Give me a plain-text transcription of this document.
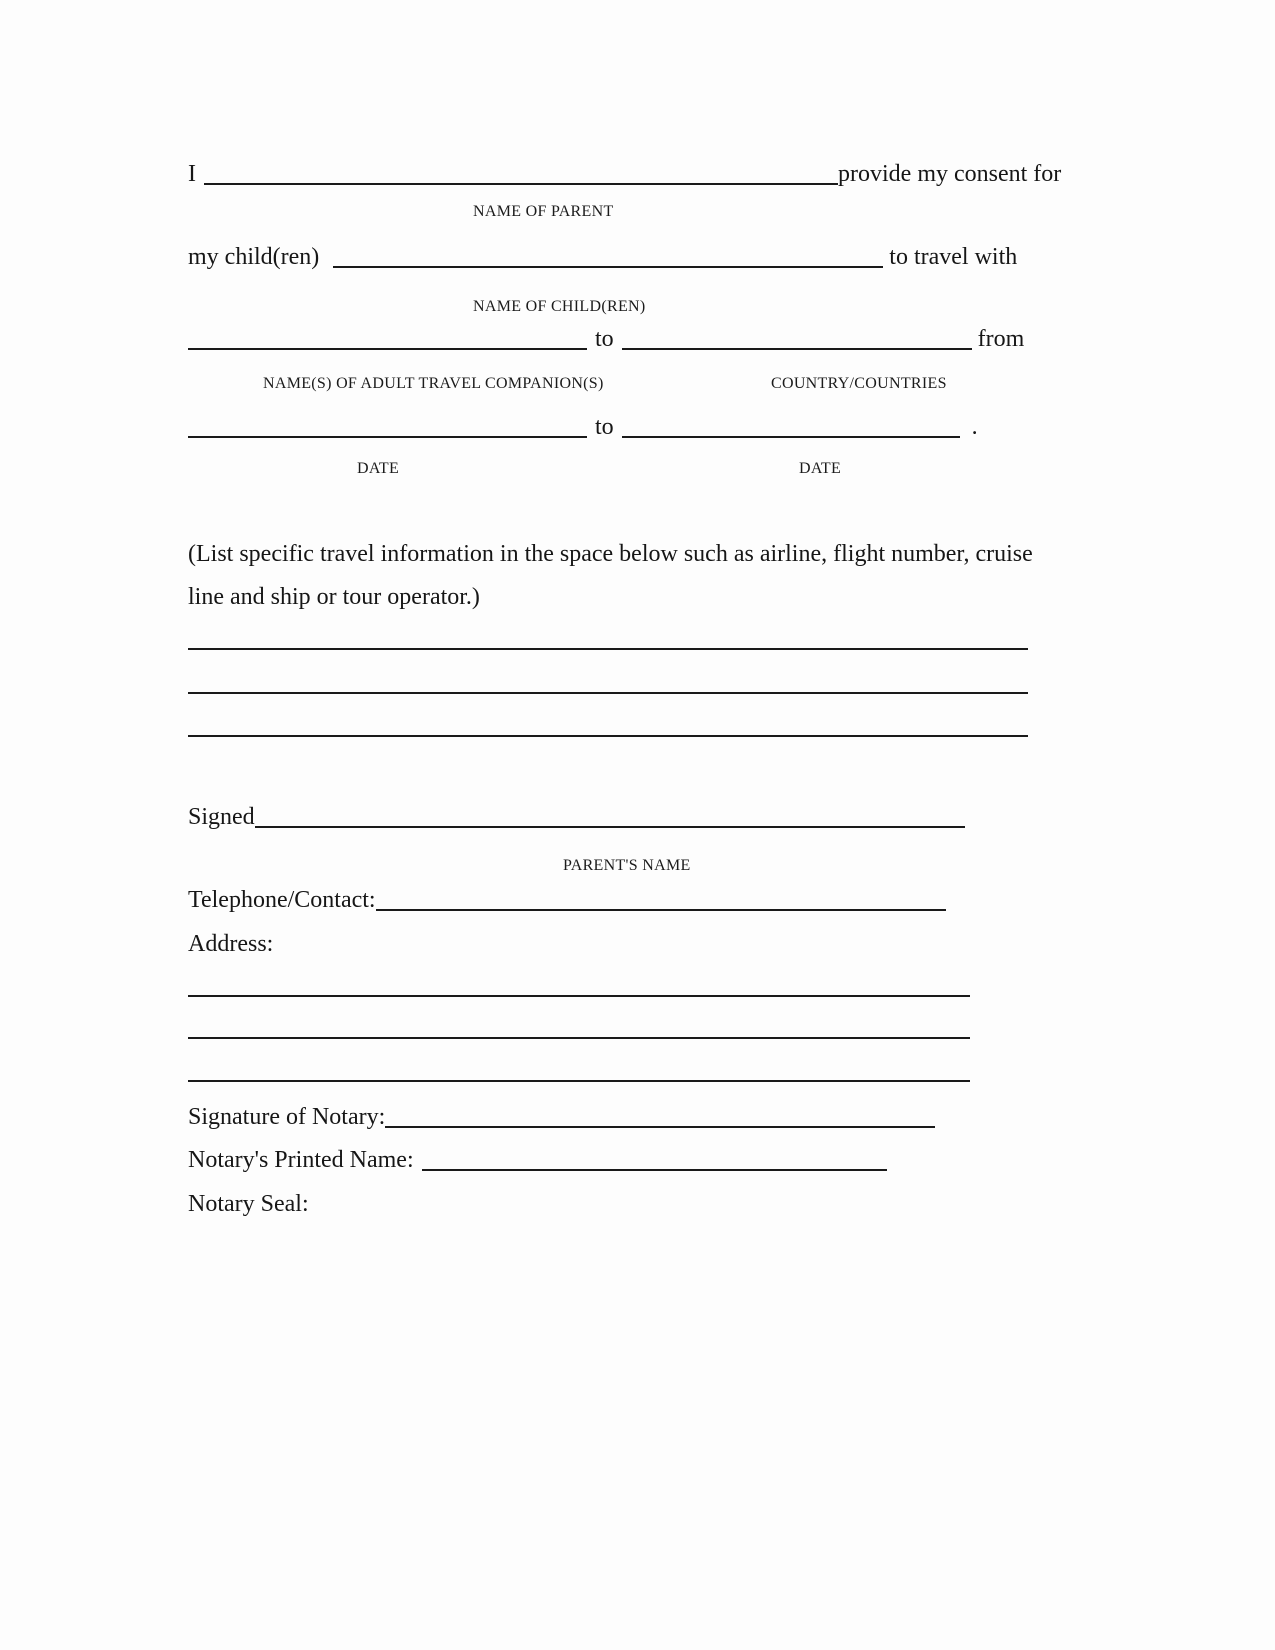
I	provide my consent for
NAME OF PARENT
my child(ren)	to travel with
NAME OF CHILD(REN)
to	from
NAME(S) OF ADULT TRAVEL COMPANION(S)	COUNTRY/COUNTRIES
to	.
DATE	DATE
(List specific travel information in the space below such as airline, flight number, cruise
line and ship or tour operator.)
Signed
PARENT'S NAME
Telephone/Contact:
Address:
Signature of Notary:
Notary's Printed Name:
Notary Seal:
